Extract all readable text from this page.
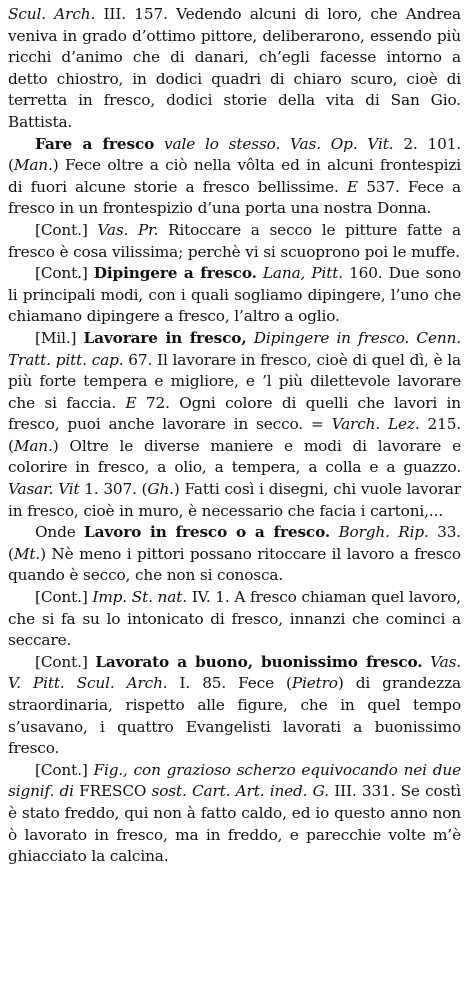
Scul. Arch. III. 157. Vedendo alcuni di loro, che Andrea veniva in grado d’ottimo pittore, deliberarono, essendo più ricchi d’animo che di danari, ch’egli facesse intorno a detto chiostro, in dodici quadri di chiaro scuro, cioè di terretta in fresco, dodici storie della vita di San Gio. Battista.

Fare a fresco vale lo stesso. Vas. Op. Vit. 2. 101. (Man.) Fece oltre a ciò nella vôlta ed in alcuni frontespizi di fuori alcune storie a fresco bellissime. E 537. Fece a fresco in un frontespizio d’una porta una nostra Donna.

[Cont.] Vas. Pr. Ritoccare a secco le pitture fatte a fresco è cosa vilissima; perchè vi si scuoprono poi le muffe.

[Cont.] Dipingere a fresco. Lana, Pitt. 160. Due sono li principali modi, con i quali sogliamo dipingere, l’uno che chiamano dipingere a fresco, l’altro a oglio.

[Mil.] Lavorare in fresco, Dipingere in fresco. Cenn. Tratt. pitt. cap. 67. Il lavorare in fresco, cioè di quel dì, è la più forte tempera e migliore, e ’l più dilettevole lavorare che si faccia. E 72. Ogni colore di quelli che lavori in fresco, puoi anche lavorare in secco. = Varch. Lez. 215. (Man.) Oltre le diverse maniere e modi di lavorare e colorire in fresco, a olio, a tempera, a colla e a guazzo. Vasar. Vit 1. 307. (Gh.) Fatti così i disegni, chi vuole lavorar in fresco, cioè in muro, è necessario che facia i cartoni,...

Onde Lavoro in fresco o a fresco. Borgh. Rip. 33. (Mt.) Nè meno i pittori possano ritoccare il lavoro a fresco quando è secco, che non si conosca.

[Cont.] Imp. St. nat. IV. 1. A fresco chiaman quel lavoro, che si fa su lo intonicato di fresco, innanzi che cominci a seccare.

[Cont.] Lavorato a buono, buonissimo fresco. Vas. V. Pitt. Scul. Arch. I. 85. Fece (Pietro) di grandezza straordinaria, rispetto alle figure, che in quel tempo s’usavano, i quattro Evangelisti lavorati a buonissimo fresco.

[Cont.] Fig., con grazioso scherzo equivocando nei due signif. di FRESCO sost. Cart. Art. ined. G. III. 331. Se costì è stato freddo, qui non à fatto caldo, ed io questo anno non ò lavorato in fresco, ma in freddo, e parecchie volte m’è ghiacciato la calcina.
